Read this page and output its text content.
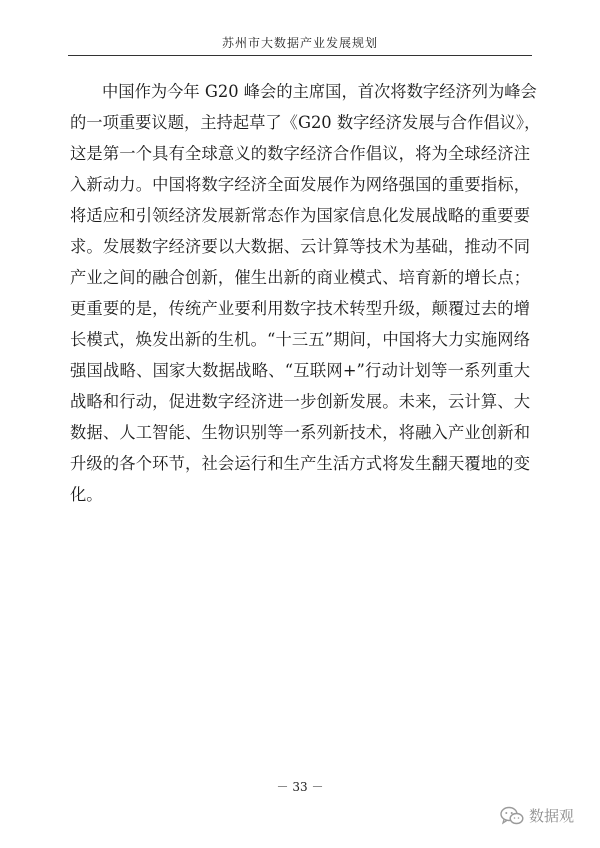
苏州市大数据产业发展规划
中国作为今年 G20 峰会的主席国，首次将数字经济列为峰会
的一项重要议题，主持起草了《G20 数字经济发展与合作倡议》，
这是第一个具有全球意义的数字经济合作倡议，将为全球经济注
入新动力。中国将数字经济全面发展作为网络强国的重要指标，
将适应和引领经济发展新常态作为国家信息化发展战略的重要要
求。发展数字经济要以大数据、云计算等技术为基础，推动不同
产业之间的融合创新，催生出新的商业模式、培育新的增长点；
更重要的是，传统产业要利用数字技术转型升级，颠覆过去的增
长模式，焕发出新的生机。“十三五”期间，中国将大力实施网络
强国战略、国家大数据战略、“互联网+”行动计划等一系列重大
战略和行动，促进数字经济进一步创新发展。未来，云计算、大
数据、人工智能、生物识别等一系列新技术，将融入产业创新和
升级的各个环节，社会运行和生产生活方式将发生翻天覆地的变
化。
－ 33 －
数据观
